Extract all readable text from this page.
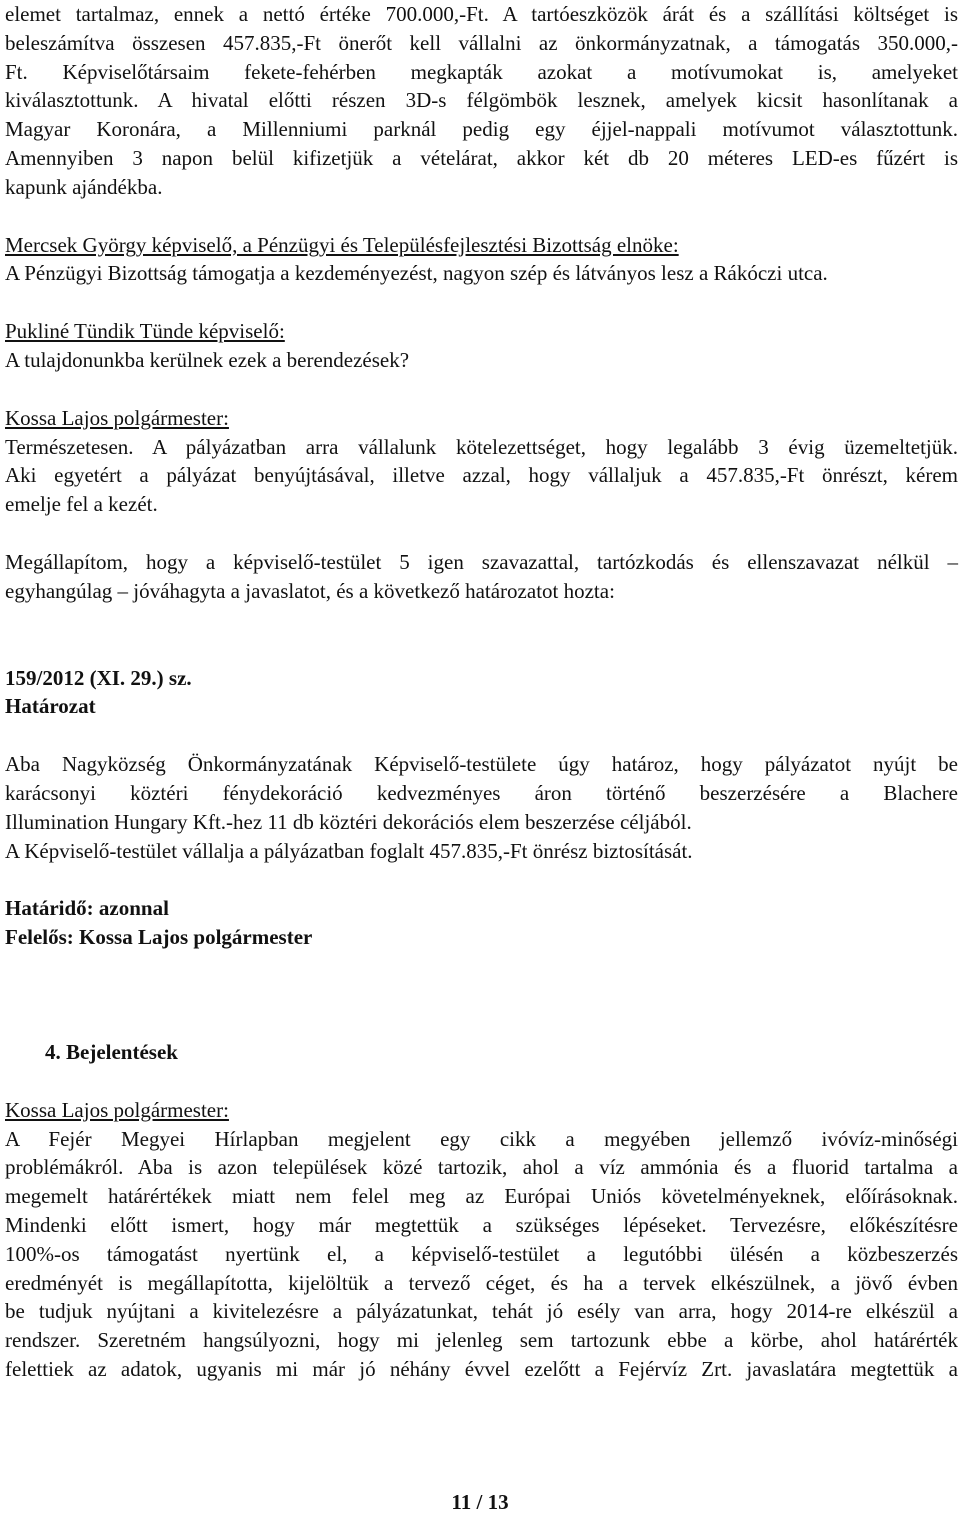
elemet tartalmaz, ennek a nettó értéke 700.000,-Ft. A tartóeszközök árát és a szállítási költséget is

beleszámítva összesen 457.835,-Ft önerőt kell vállalni az önkormányzatnak, a támogatás 350.000,-

Ft. Képviselőtársaim fekete-fehérben megkapták azokat a motívumokat is, amelyeket

kiválasztottunk. A hivatal előtti részen 3D-s félgömbök lesznek, amelyek kicsit hasonlítanak a

Magyar Koronára, a Millenniumi parknál pedig egy éjjel-nappali motívumot választottunk.

Amennyiben 3 napon belül kifizetjük a vételárat, akkor két db 20 méteres LED-es fűzért is

kapunk ajándékba.

Mercsek György képviselő, a Pénzügyi és Településfejlesztési Bizottság elnöke:

A Pénzügyi Bizottság támogatja a kezdeményezést, nagyon szép és látványos lesz a Rákóczi utca.

Pukliné Tündik Tünde képviselő:

A tulajdonunkba kerülnek ezek a berendezések?

Kossa Lajos polgármester:

Természetesen. A pályázatban arra vállalunk kötelezettséget, hogy legalább 3 évig üzemeltetjük.

Aki egyetért a pályázat benyújtásával, illetve azzal, hogy vállaljuk a 457.835,-Ft önrészt, kérem

emelje fel a kezét.

Megállapítom, hogy a képviselő-testület 5 igen szavazattal, tartózkodás és ellenszavazat nélkül –

egyhangúlag – jóváhagyta a javaslatot, és a következő határozatot hozta:

159/2012 (XI. 29.) sz.

Határozat

Aba Nagyközség Önkormányzatának Képviselő-testülete úgy határoz, hogy pályázatot nyújt be

karácsonyi köztéri fénydekoráció kedvezményes áron történő beszerzésére a Blachere

Illumination Hungary Kft.-hez 11 db köztéri dekorációs elem beszerzése céljából.

A Képviselő-testület vállalja a pályázatban foglalt 457.835,-Ft önrész biztosítását.

Határidő: azonnal

Felelős: Kossa Lajos polgármester

4. Bejelentések

Kossa Lajos polgármester:

A Fejér Megyei Hírlapban megjelent egy cikk a megyében jellemző ivóvíz-minőségi

problémákról. Aba is azon települések közé tartozik, ahol a víz ammónia és a fluorid tartalma a

megemelt határértékek miatt nem felel meg az Európai Uniós követelményeknek, előírásoknak.

Mindenki előtt ismert, hogy már megtettük a szükséges lépéseket. Tervezésre, előkészítésre

100%-os támogatást nyertünk el, a képviselő-testület a legutóbbi ülésén a közbeszerzés

eredményét is megállapította, kijelöltük a tervező céget, és ha a tervek elkészülnek, a jövő évben

be tudjuk nyújtani a kivitelezésre a pályázatunkat, tehát jó esély van arra, hogy 2014-re elkészül a

rendszer. Szeretném hangsúlyozni, hogy mi jelenleg sem tartozunk ebbe a körbe, ahol határérték

felettiek az adatok, ugyanis mi már jó néhány évvel ezelőtt a Fejérvíz Zrt. javaslatára megtettük a

11 / 13
